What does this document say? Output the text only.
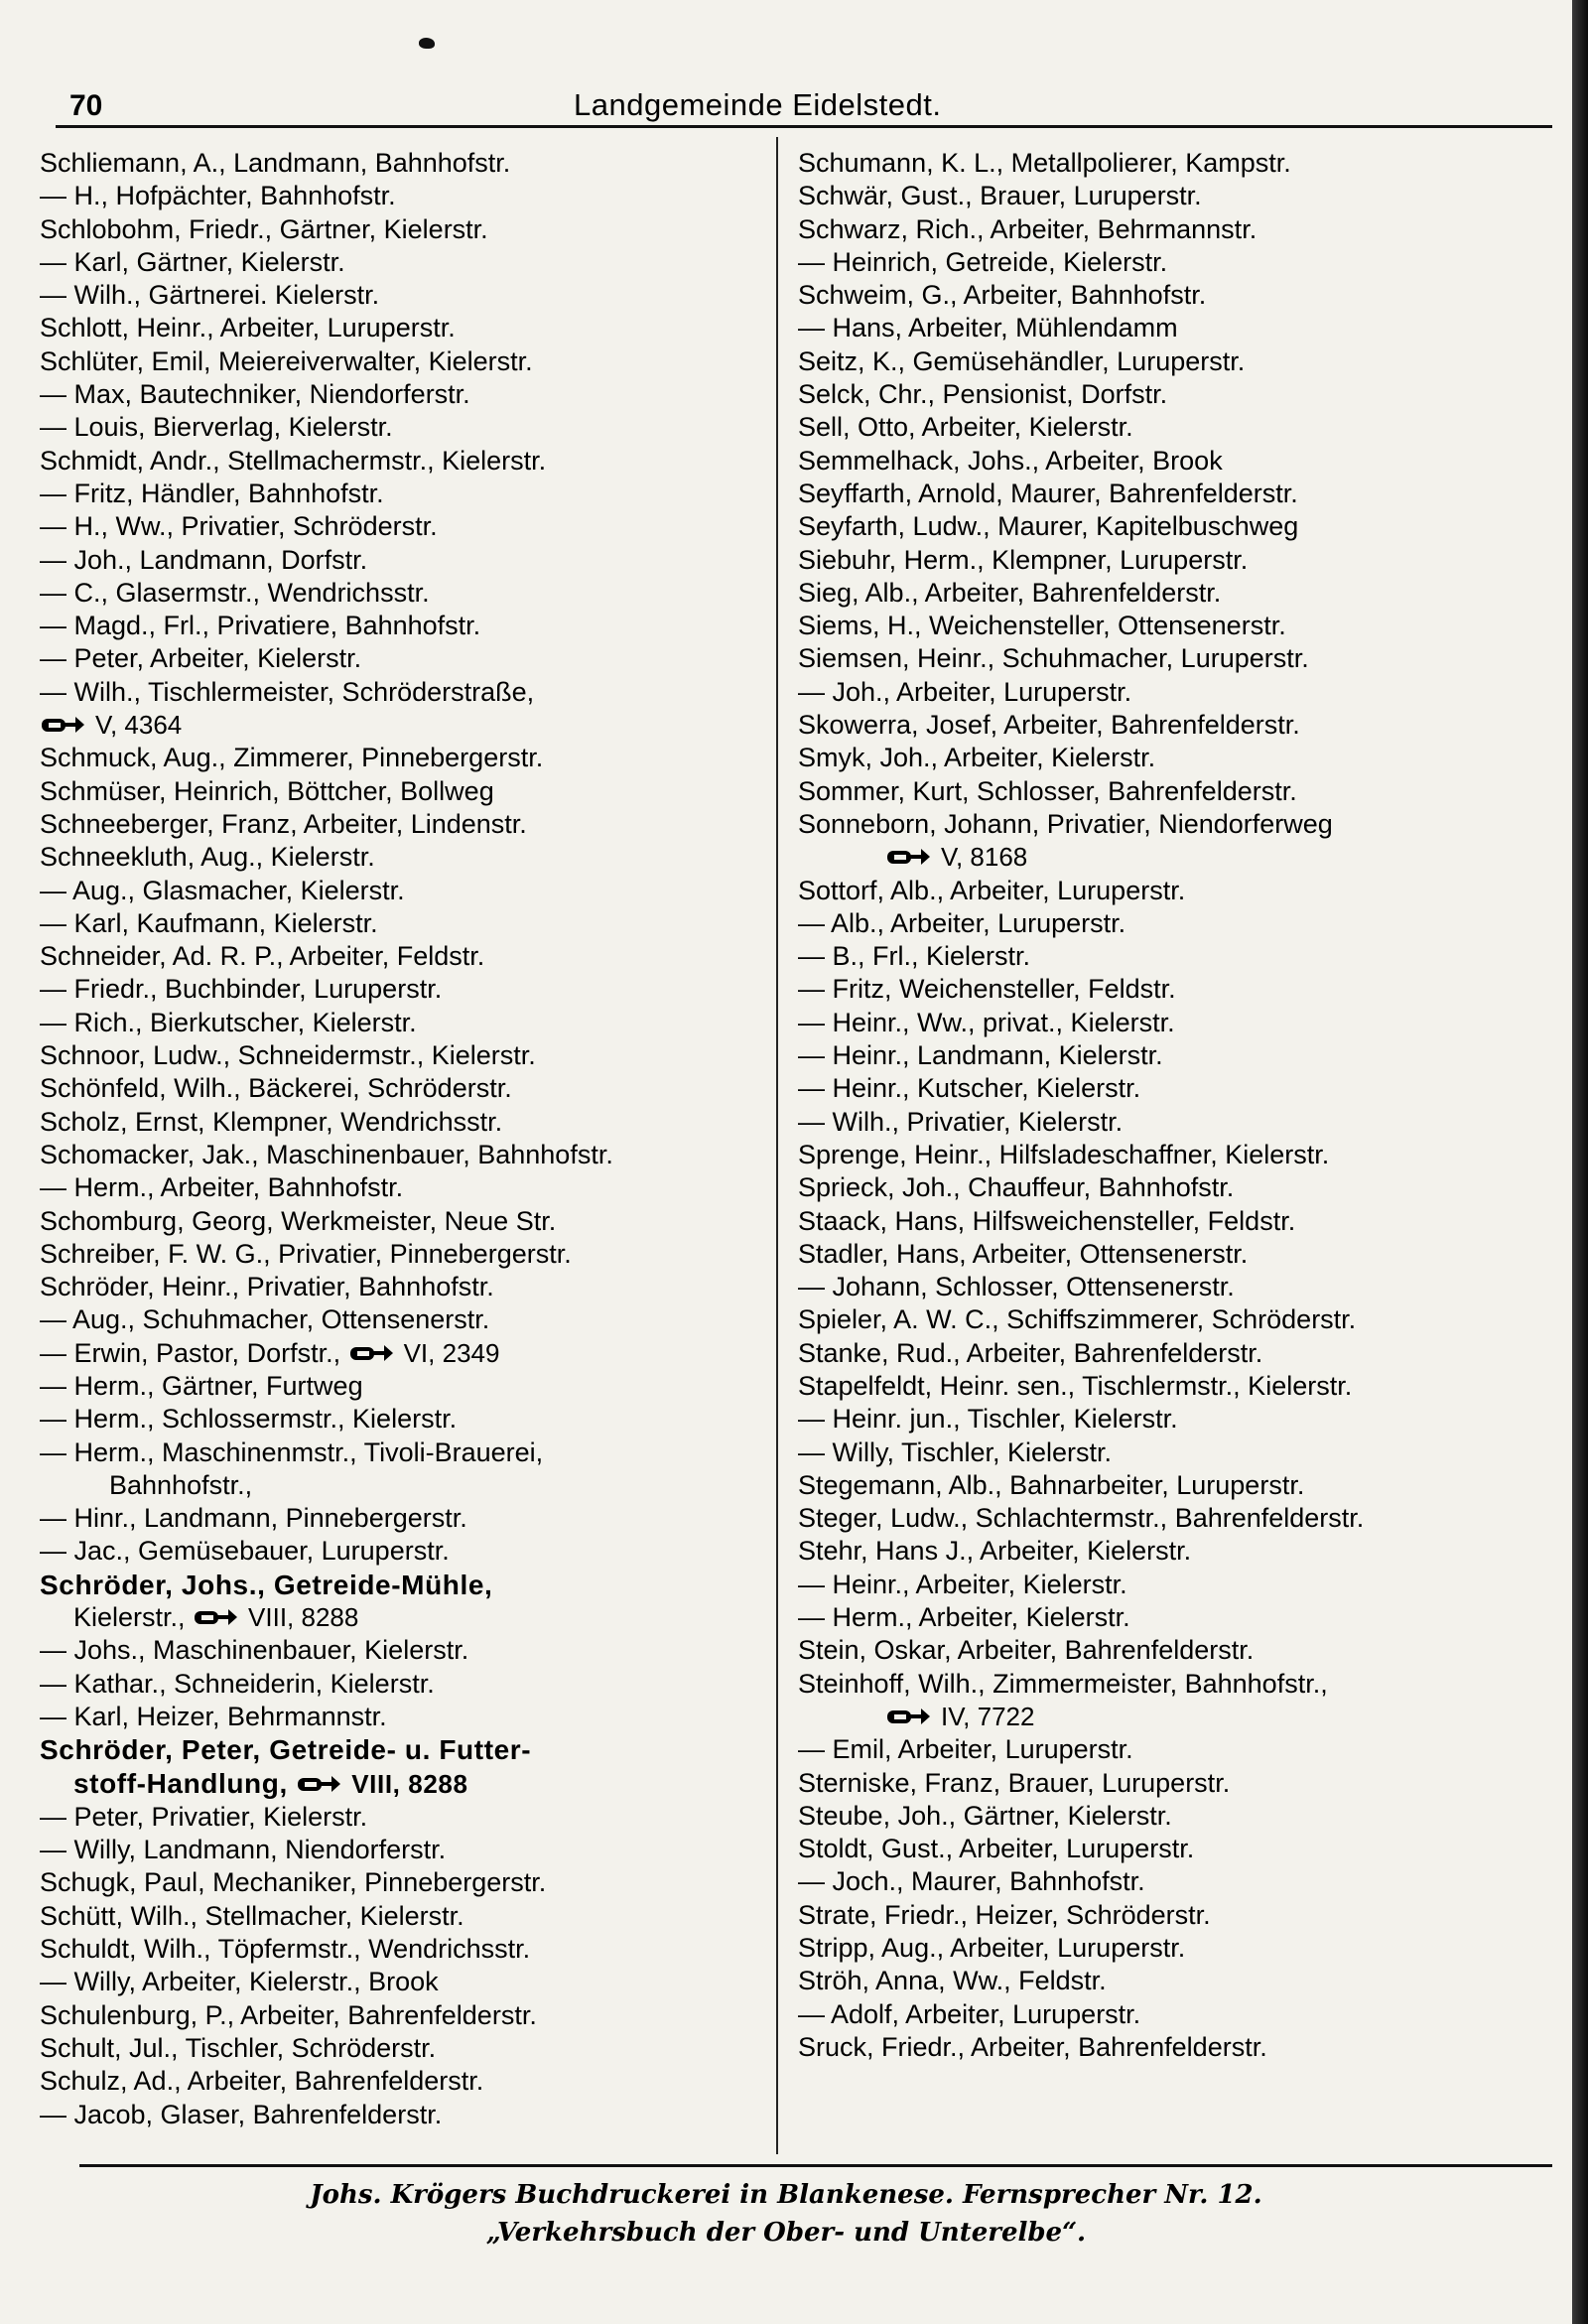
70	Landgemeinde Eidelstedt.
Schliemann, A., Landmann, Bahnhofstr.
— H., Hofpächter, Bahnhofstr.
Schlobohm, Friedr., Gärtner, Kielerstr.
— Karl, Gärtner, Kielerstr.
— Wilh., Gärtnerei. Kielerstr.
Schlott, Heinr., Arbeiter, Luruperstr.
Schlüter, Emil, Meiereiverwalter, Kielerstr.
— Max, Bautechniker, Niendorferstr.
— Louis, Bierverlag, Kielerstr.
Schmidt, Andr., Stellmachermstr., Kielerstr.
— Fritz, Händler, Bahnhofstr.
— H., Ww., Privatier, Schröderstr.
— Joh., Landmann, Dorfstr.
— C., Glasermstr., Wendrichsstr.
— Magd., Frl., Privatiere, Bahnhofstr.
— Peter, Arbeiter, Kielerstr.
— Wilh., Tischlermeister, Schröderstraße,
V, 4364
Schmuck, Aug., Zimmerer, Pinnebergerstr.
Schmüser, Heinrich, Böttcher, Bollweg
Schneeberger, Franz, Arbeiter, Lindenstr.
Schneekluth, Aug., Kielerstr.
— Aug., Glasmacher, Kielerstr.
— Karl, Kaufmann, Kielerstr.
Schneider, Ad. R. P., Arbeiter, Feldstr.
— Friedr., Buchbinder, Luruperstr.
— Rich., Bierkutscher, Kielerstr.
Schnoor, Ludw., Schneidermstr., Kielerstr.
Schönfeld, Wilh., Bäckerei, Schröderstr.
Scholz, Ernst, Klempner, Wendrichsstr.
Schomacker, Jak., Maschinenbauer, Bahnhofstr.
— Herm., Arbeiter, Bahnhofstr.
Schomburg, Georg, Werkmeister, Neue Str.
Schreiber, F. W. G., Privatier, Pinnebergerstr.
Schröder, Heinr., Privatier, Bahnhofstr.
— Aug., Schuhmacher, Ottensenerstr.
— Erwin, Pastor, Dorfstr.,
VI, 2349
— Herm., Gärtner, Furtweg
— Herm., Schlossermstr., Kielerstr.
— Herm., Maschinenmstr., Tivoli-Brauerei,
Bahnhofstr.,
— Hinr., Landmann, Pinnebergerstr.
— Jac., Gemüsebauer, Luruperstr.
Schröder, Johs., Getreide-Mühle,
Kielerstr.,
VIII, 8288
— Johs., Maschinenbauer, Kielerstr.
— Kathar., Schneiderin, Kielerstr.
— Karl, Heizer, Behrmannstr.
Schröder, Peter, Getreide- u. Futter-
stoff-Handlung,
VIII, 8288
— Peter, Privatier, Kielerstr.
— Willy, Landmann, Niendorferstr.
Schugk, Paul, Mechaniker, Pinnebergerstr.
Schütt, Wilh., Stellmacher, Kielerstr.
Schuldt, Wilh., Töpfermstr., Wendrichsstr.
— Willy, Arbeiter, Kielerstr., Brook
Schulenburg, P., Arbeiter, Bahrenfelderstr.
Schult, Jul., Tischler, Schröderstr.
Schulz, Ad., Arbeiter, Bahrenfelderstr.
— Jacob, Glaser, Bahrenfelderstr.
Schumann, K. L., Metallpolierer, Kampstr.
Schwär, Gust., Brauer, Luruperstr.
Schwarz, Rich., Arbeiter, Behrmannstr.
— Heinrich, Getreide, Kielerstr.
Schweim, G., Arbeiter, Bahnhofstr.
— Hans, Arbeiter, Mühlendamm
Seitz, K., Gemüsehändler, Luruperstr.
Selck, Chr., Pensionist, Dorfstr.
Sell, Otto, Arbeiter, Kielerstr.
Semmelhack, Johs., Arbeiter, Brook
Seyffarth, Arnold, Maurer, Bahrenfelderstr.
Seyfarth, Ludw., Maurer, Kapitelbuschweg
Siebuhr, Herm., Klempner, Luruperstr.
Sieg, Alb., Arbeiter, Bahrenfelderstr.
Siems, H., Weichensteller, Ottensenerstr.
Siemsen, Heinr., Schuhmacher, Luruperstr.
— Joh., Arbeiter, Luruperstr.
Skowerra, Josef, Arbeiter, Bahrenfelderstr.
Smyk, Joh., Arbeiter, Kielerstr.
Sommer, Kurt, Schlosser, Bahrenfelderstr.
Sonneborn, Johann, Privatier, Niendorferweg
V, 8168
Sottorf, Alb., Arbeiter, Luruperstr.
— Alb., Arbeiter, Luruperstr.
— B., Frl., Kielerstr.
— Fritz, Weichensteller, Feldstr.
— Heinr., Ww., privat., Kielerstr.
— Heinr., Landmann, Kielerstr.
— Heinr., Kutscher, Kielerstr.
— Wilh., Privatier, Kielerstr.
Sprenge, Heinr., Hilfsladeschaffner, Kielerstr.
Sprieck, Joh., Chauffeur, Bahnhofstr.
Staack, Hans, Hilfsweichensteller, Feldstr.
Stadler, Hans, Arbeiter, Ottensenerstr.
— Johann, Schlosser, Ottensenerstr.
Spieler, A. W. C., Schiffszimmerer, Schröderstr.
Stanke, Rud., Arbeiter, Bahrenfelderstr.
Stapelfeldt, Heinr. sen., Tischlermstr., Kielerstr.
— Heinr. jun., Tischler, Kielerstr.
— Willy, Tischler, Kielerstr.
Stegemann, Alb., Bahnarbeiter, Luruperstr.
Steger, Ludw., Schlachtermstr., Bahrenfelderstr.
Stehr, Hans J., Arbeiter, Kielerstr.
— Heinr., Arbeiter, Kielerstr.
— Herm., Arbeiter, Kielerstr.
Stein, Oskar, Arbeiter, Bahrenfelderstr.
Steinhoff, Wilh., Zimmermeister, Bahnhofstr.,
IV, 7722
— Emil, Arbeiter, Luruperstr.
Sterniske, Franz, Brauer, Luruperstr.
Steube, Joh., Gärtner, Kielerstr.
Stoldt, Gust., Arbeiter, Luruperstr.
— Joch., Maurer, Bahnhofstr.
Strate, Friedr., Heizer, Schröderstr.
Stripp, Aug., Arbeiter, Luruperstr.
Ströh, Anna, Ww., Feldstr.
— Adolf, Arbeiter, Luruperstr.
Sruck, Friedr., Arbeiter, Bahrenfelderstr.
Johs. Krögers Buchdruckerei in Blankenese. Fernsprecher Nr. 12.
„Verkehrsbuch der Ober- und Unterelbe“.
